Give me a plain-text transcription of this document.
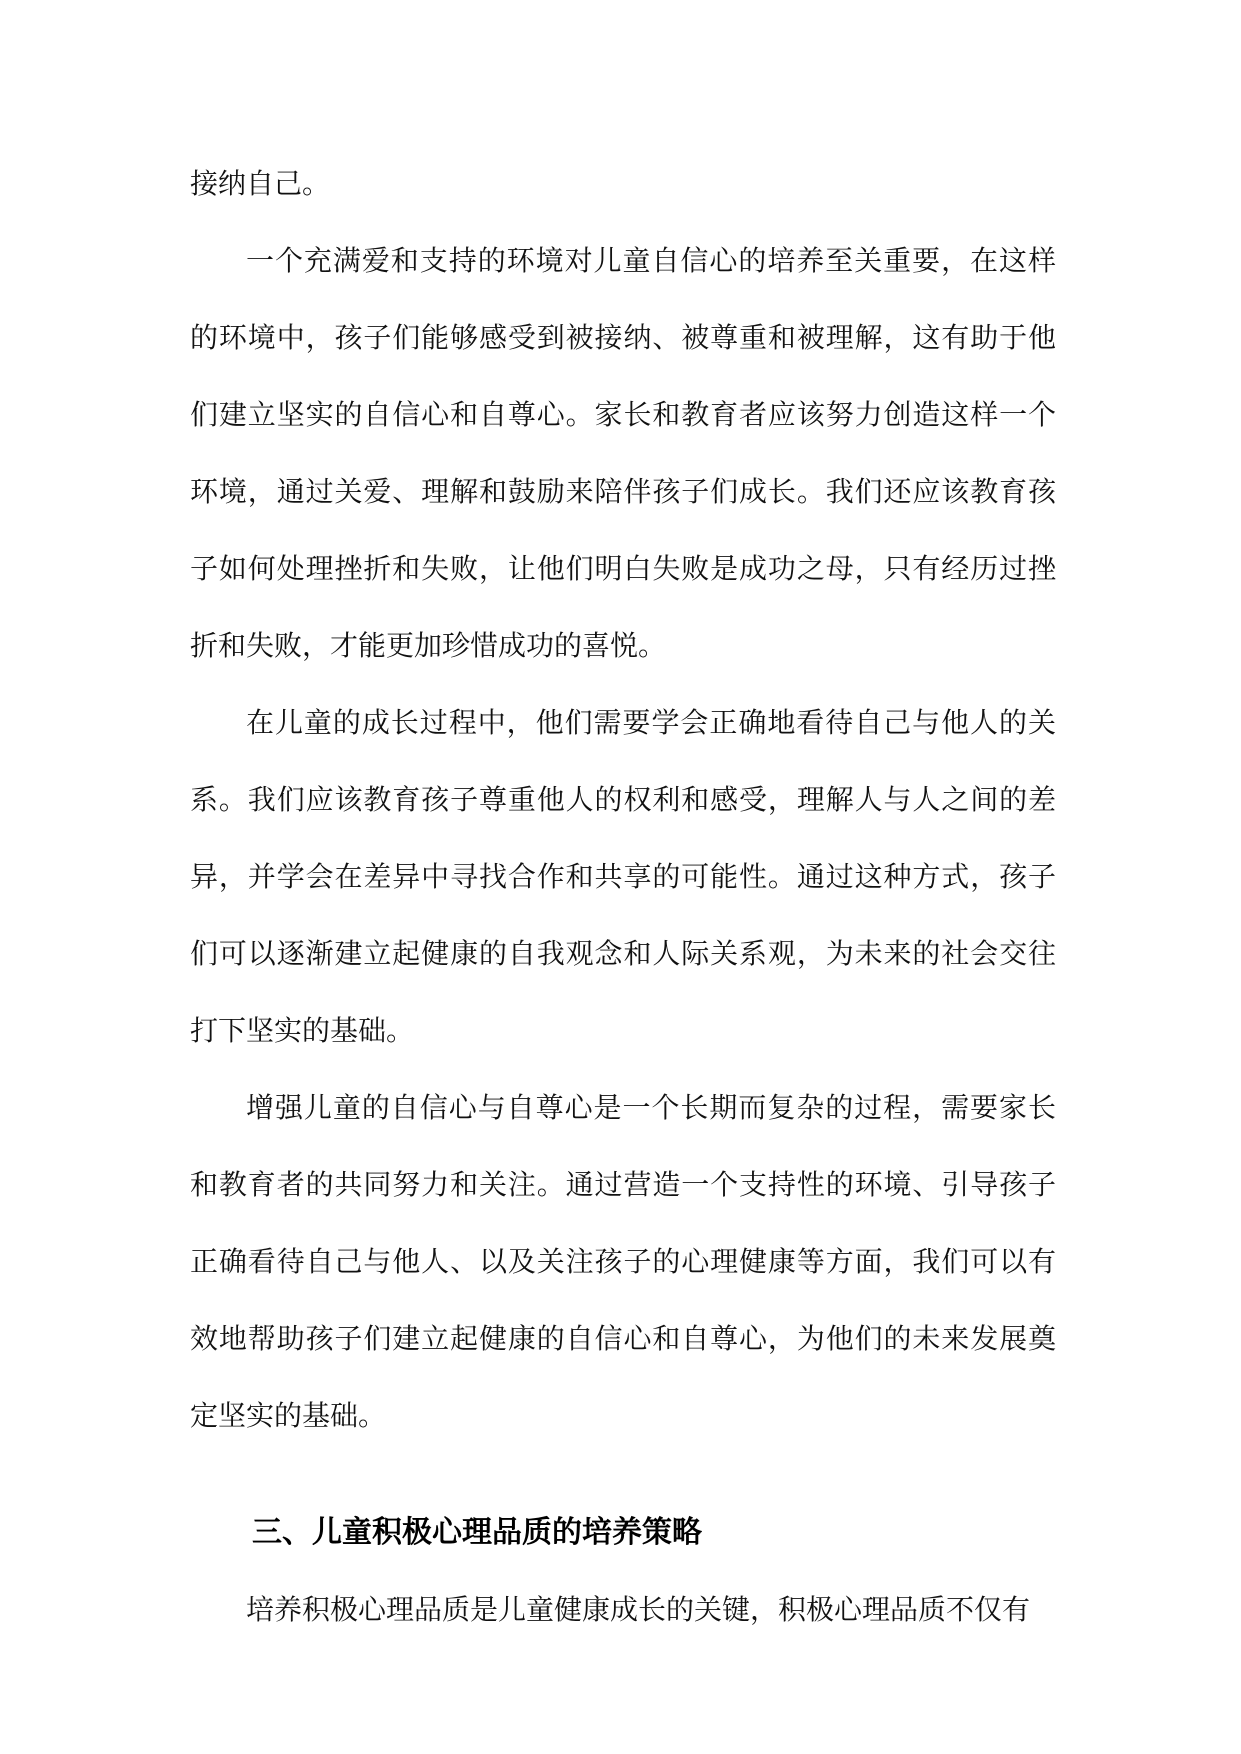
接纳自己。

一个充满爱和支持的环境对儿童自信心的培养至关重要，在这样的环境中，孩子们能够感受到被接纳、被尊重和被理解，这有助于他们建立坚实的自信心和自尊心。家长和教育者应该努力创造这样一个环境，通过关爱、理解和鼓励来陪伴孩子们成长。我们还应该教育孩子如何处理挫折和失败，让他们明白失败是成功之母，只有经历过挫折和失败，才能更加珍惜成功的喜悦。

在儿童的成长过程中，他们需要学会正确地看待自己与他人的关系。我们应该教育孩子尊重他人的权利和感受，理解人与人之间的差异，并学会在差异中寻找合作和共享的可能性。通过这种方式，孩子们可以逐渐建立起健康的自我观念和人际关系观，为未来的社会交往打下坚实的基础。

增强儿童的自信心与自尊心是一个长期而复杂的过程，需要家长和教育者的共同努力和关注。通过营造一个支持性的环境、引导孩子正确看待自己与他人、以及关注孩子的心理健康等方面，我们可以有效地帮助孩子们建立起健康的自信心和自尊心，为他们的未来发展奠定坚实的基础。

三、儿童积极心理品质的培养策略

培养积极心理品质是儿童健康成长的关键，积极心理品质不仅有
